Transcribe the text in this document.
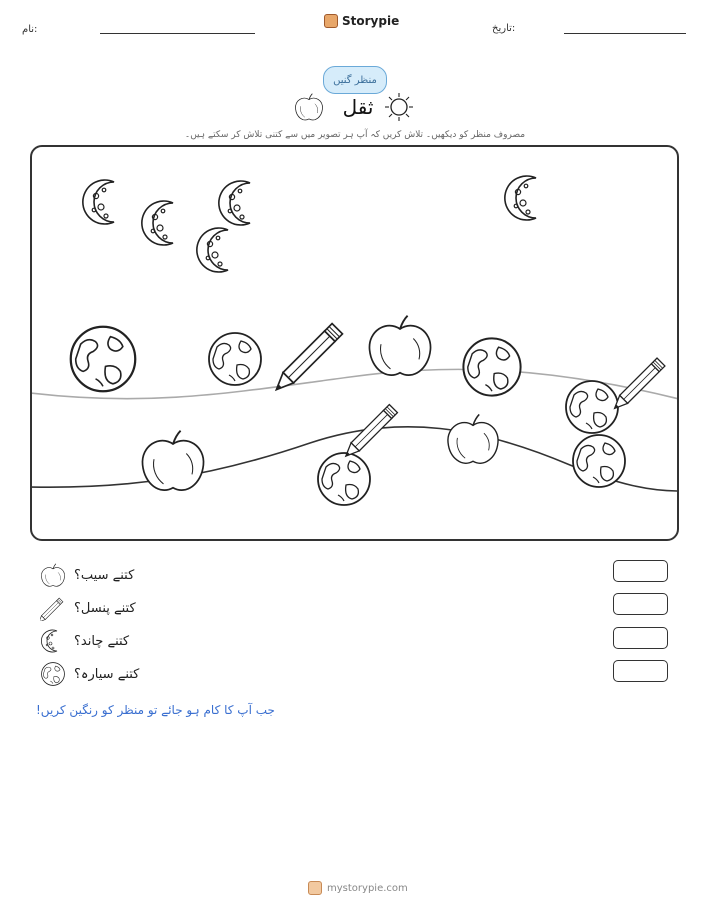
نام:
Storypie
تاریخ:
منظر گنیں
ثقل
مصروف منظر کو دیکھیں۔ تلاش کریں کہ آپ ہر تصویر میں سے کتنی تلاش کر سکتے ہیں۔
کتنے سیب؟
کتنے پنسل؟
کتنے چاند؟
کتنے سیارہ؟
جب آپ کا کام ہو جائے تو منظر کو رنگین کریں!
mystorypie.com
